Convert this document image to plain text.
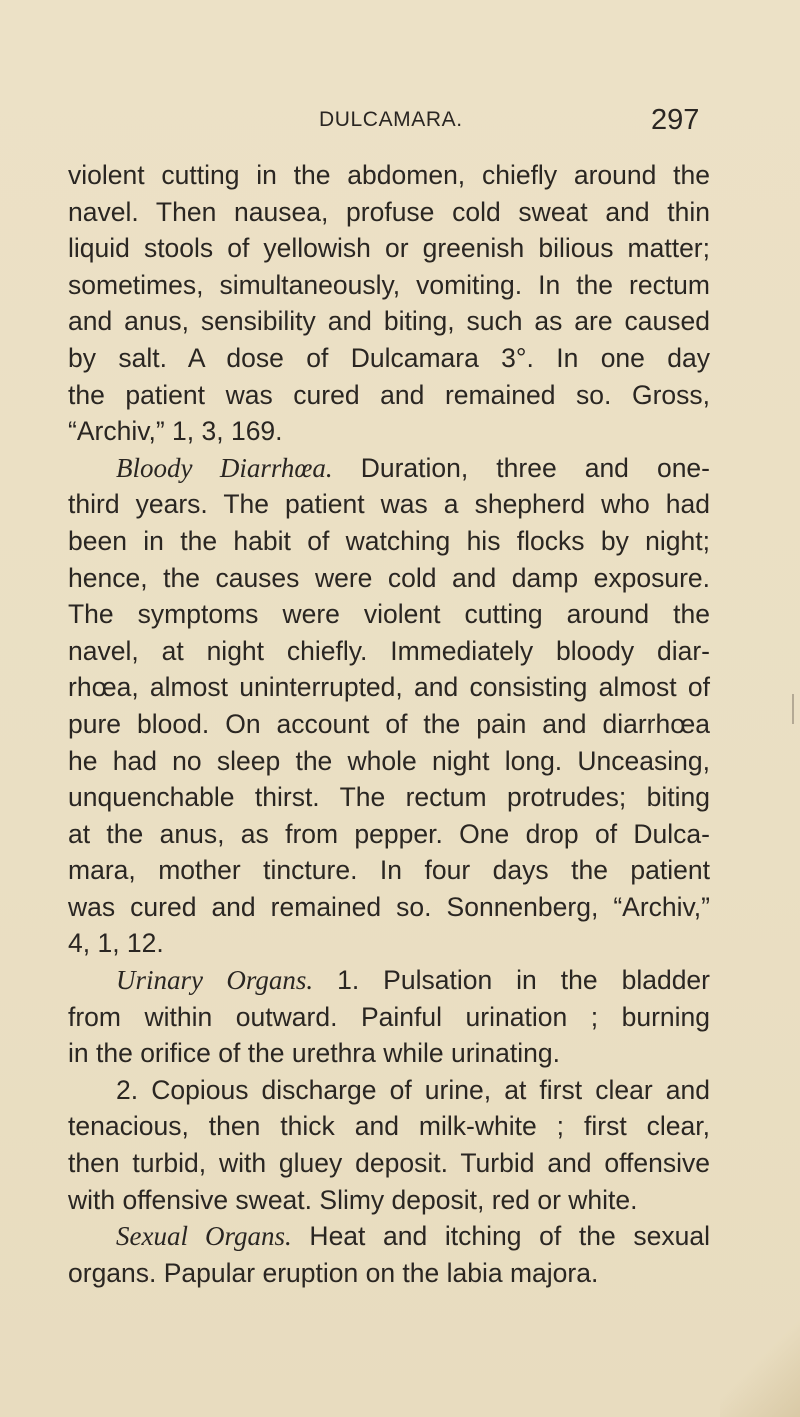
DULCAMARA.	297
violent cutting in the abdomen, chiefly around the
navel. Then nausea, profuse cold sweat and thin
liquid stools of yellowish or greenish bilious matter;
sometimes, simultaneously, vomiting. In the rectum
and anus, sensibility and biting, such as are caused
by salt. A dose of Dulcamara 3°. In one day
the patient was cured and remained so. Gross,
“Archiv,” 1, 3, 169.
Bloody Diarrhœa. Duration, three and one-
third years. The patient was a shepherd who had
been in the habit of watching his flocks by night;
hence, the causes were cold and damp exposure.
The symptoms were violent cutting around the
navel, at night chiefly. Immediately bloody diar-
rhœa, almost uninterrupted, and consisting almost of
pure blood. On account of the pain and diarrhœa
he had no sleep the whole night long. Unceasing,
unquenchable thirst. The rectum protrudes; biting
at the anus, as from pepper. One drop of Dulca-
mara, mother tincture. In four days the patient
was cured and remained so. Sonnenberg, “Archiv,”
4, 1, 12.
Urinary Organs. 1. Pulsation in the bladder
from within outward. Painful urination ; burning
in the orifice of the urethra while urinating.
2. Copious discharge of urine, at first clear and
tenacious, then thick and milk-white ; first clear,
then turbid, with gluey deposit. Turbid and offensive
with offensive sweat. Slimy deposit, red or white.
Sexual Organs. Heat and itching of the sexual
organs. Papular eruption on the labia majora.
